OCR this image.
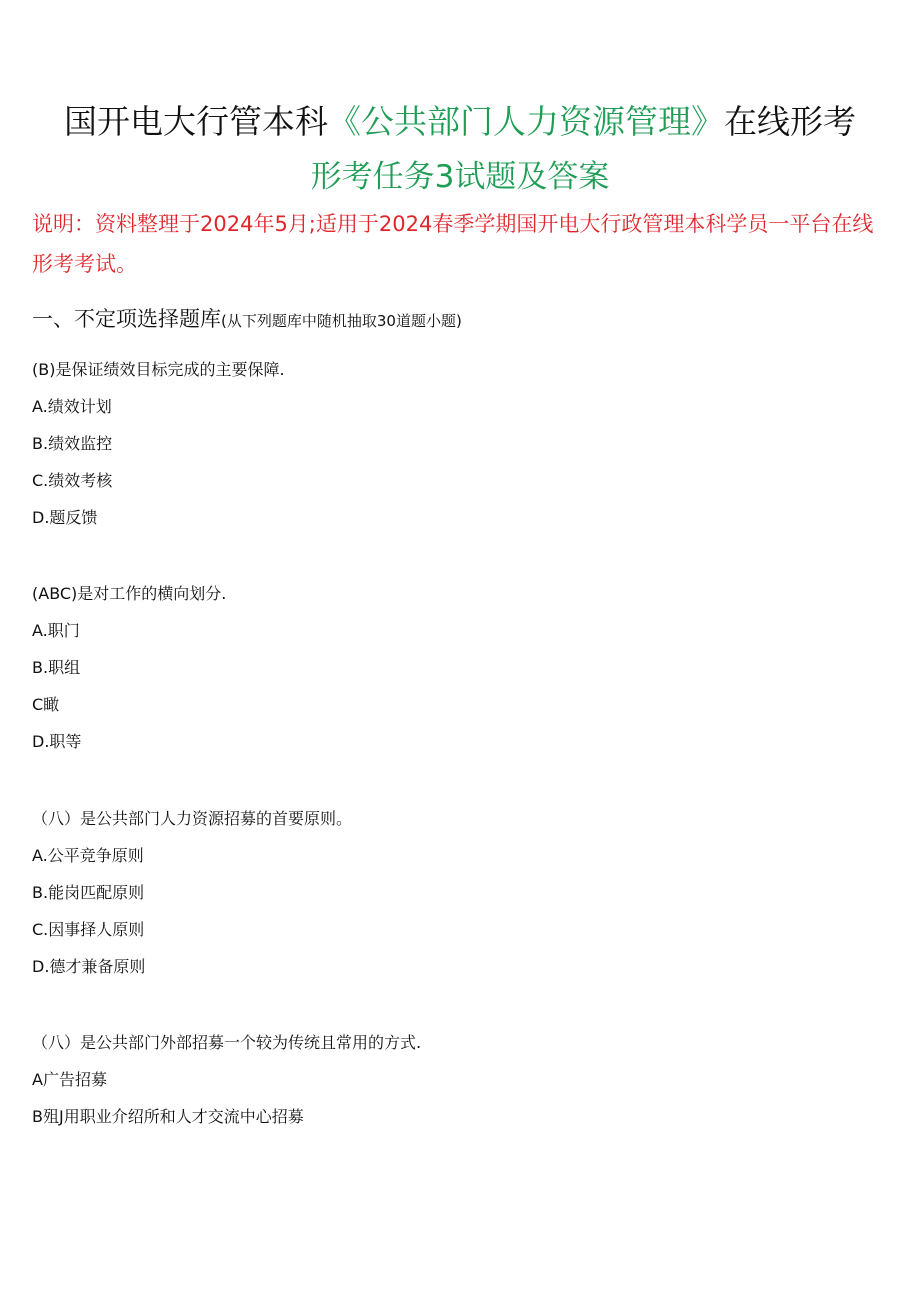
国开电大行管本科《公共部门人力资源管理》在线形考
形考任务3试题及答案
说明：资料整理于2024年5月;适用于2024春季学期国开电大行政管理本科学员一平台在线形考考试。
一、不定项选择题库(从下列题库中随机抽取30道题小题)
(B)是保证绩效目标完成的主要保障.
A.绩效计划
B.绩效监控
C.绩效考核
D.题反馈
(ABC)是对工作的横向划分.
A.职门
B.职组
C瞰
D.职等
（八）是公共部门人力资源招募的首要原则。
A.公平竞争原则
B.能岗匹配原则
C.因事择人原则
D.德才兼备原则
（八）是公共部门外部招募一个较为传统且常用的方式.
A广告招募
B殂J用职业介绍所和人才交流中心招募
